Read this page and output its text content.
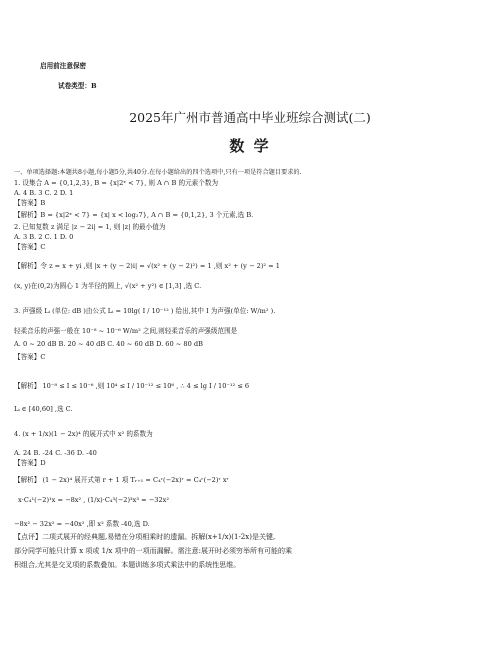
启用前注意保密
试卷类型：B
2025年广州市普通高中毕业班综合测试(二)
数 学
一、单项选择题:本题共8小题,每小题5分,共40分.在每小题给出的四个选项中,只有一项是符合题目要求的.
1. 设集合 A = {0,1,2,3}, B = {x|2ˣ < 7}, 则 A ∩ B 的元素个数为
A. 4 B. 3 C. 2 D. 1
【答案】B
【解析】B = {x|2ˣ < 7} = {x| x < log₂7}, A ∩ B = {0,1,2}, 3 个元素,选 B.
2. 已知复数 z 满足 |z − 2i| = 1, 则 |z| 的最小值为
A. 3 B. 2 C. 1 D. 0
【答案】C
【解析】令 z = x + yi ,则 |x + (y − 2)i| = √(x² + (y − 2)²) = 1 ,则 x² + (y − 2)² = 1
(x, y)在(0,2)为圆心 1 为半径的圆上, √(x² + y²) ∈ [1,3] ,选 C.
3. 声强级 Lᵢ (单位: dB )由公式 Lᵢ = 10lg( I / 10⁻¹² ) 给出,其中 I 为声强(单位: W/m² ).
轻柔音乐的声强一般在 10⁻⁸ ~ 10⁻⁶ W/m² 之间,则轻柔音乐的声强级范围是
A. 0 ~ 20 dB B. 20 ~ 40 dB C. 40 ~ 60 dB D. 60 ~ 80 dB
【答案】C
【解析】 10⁻⁸ ≤ I ≤ 10⁻⁶ ,则 10⁴ ≤ I / 10⁻¹² ≤ 10⁶ , ∴ 4 ≤ lg I / 10⁻¹² ≤ 6
Lᵢ ∈ [40,60] ,选 C.
4. (x + 1/x)(1 − 2x)⁴ 的展开式中 x² 的系数为
A. 24 B. -24 C. -36 D. -40
【答案】D
【解析】 (1 − 2x)⁴ 展开式第 r + 1 项 Tᵣ₊₁ = C₄ʳ(−2x)ʳ = C₄ʳ(−2)ʳ xʳ
x·C₄¹(−2)¹x = −8x² , (1/x)·C₄³(−2)³x³ = −32x²
−8x² − 32x² = −40x² ,即 x² 系数 -40,选 D.
【点评】二项式展开的经典题,易错在分项相乘时的遗漏。拆解(x+1/x)(1-2x)是关键,
部分同学可能只计算 x 项或 1/x 项中的一项而漏解。需注意:展开时必须穷举所有可能的乘
积组合,尤其是交叉项的系数叠加。本题训练多项式乘法中的系统性思维。
